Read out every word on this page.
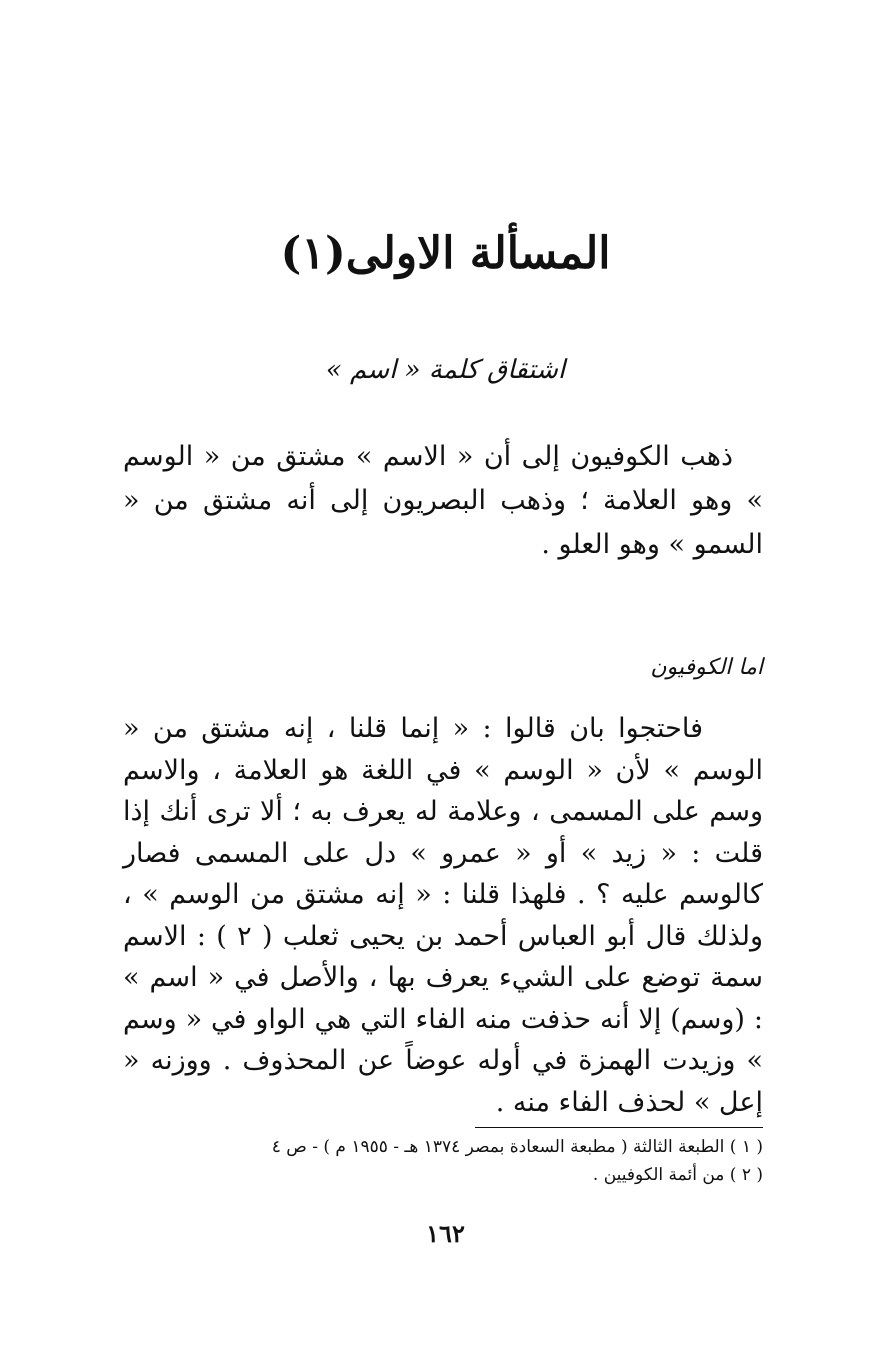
المسألة الاولى(١)
اشتقاق كلمة « اسم »

ذهب الكوفيون إلى أن « الاسم » مشتق من « الوسم » وهو العلامة ؛ وذهب البصريون إلى أنه مشتق من « السمو » وهو العلو .

اما الكوفيون

فاحتجوا بان قالوا : « إنما قلنا ، إنه مشتق من « الوسم » لأن « الوسم » في اللغة هو العلامة ، والاسم وسم على المسمى ، وعلامة له يعرف به ؛ ألا ترى أنك إذا قلت : « زيد » أو « عمرو » دل على المسمى فصار كالوسم عليه ؟ . فلهذا قلنا : « إنه مشتق من الوسم » ، ولذلك قال أبو العباس أحمد بن يحيى ثعلب ( ٢ ) : الاسم سمة توضع على الشيء يعرف بها ، والأصل في « اسم » : (وسم) إلا أنه حذفت منه الفاء التي هي الواو في « وسم » وزيدت الهمزة في أوله عوضاً عن المحذوف . ووزنه « إعل » لحذف الفاء منه .

( ١ ) الطبعة الثالثة ( مطبعة السعادة بمصر ١٣٧٤ هـ - ١٩٥٥ م ) - ص ٤

( ٢ ) من أئمة الكوفيين .

١٦٢
